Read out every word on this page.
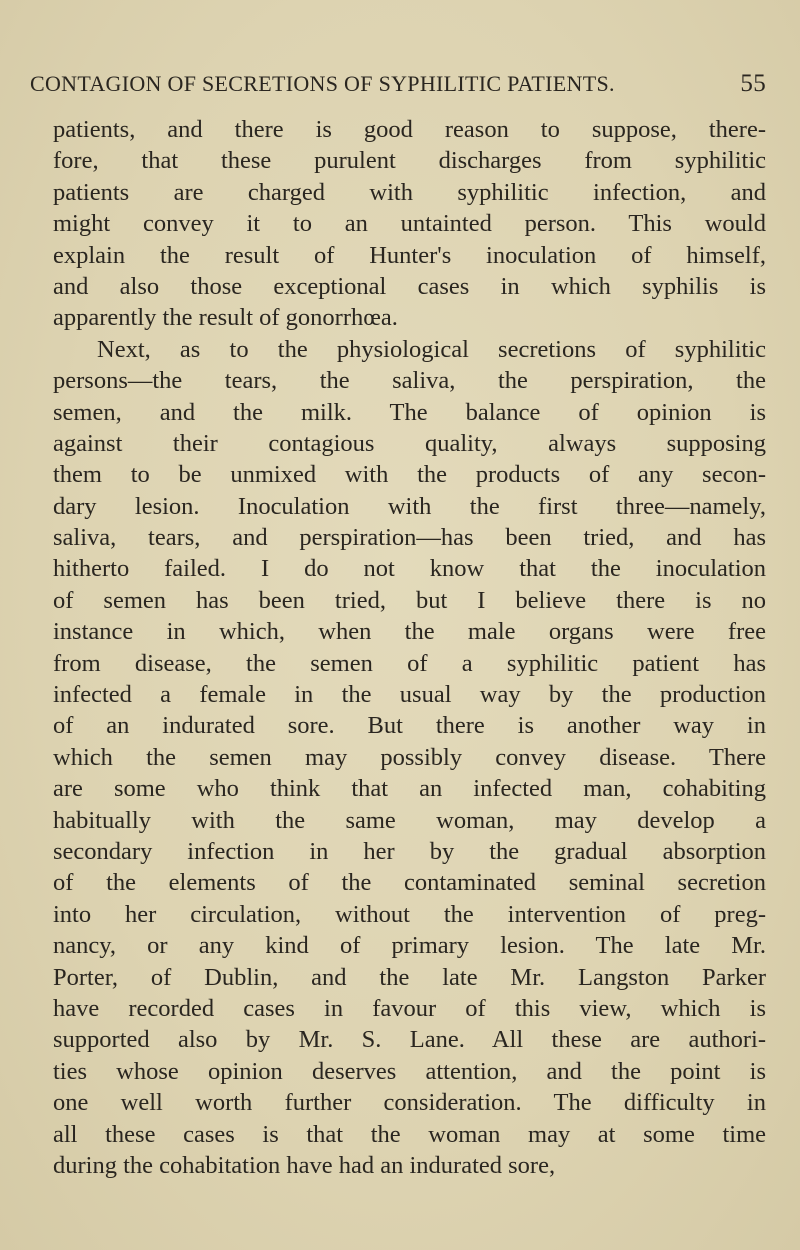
CONTAGION OF SECRETIONS OF SYPHILITIC PATIENTS.	55
patients, and there is good reason to suppose, there-
fore, that these purulent discharges from syphilitic
patients are charged with syphilitic infection, and
might convey it to an untainted person. This would
explain the result of Hunter's inoculation of himself,
and also those exceptional cases in which syphilis is
apparently the result of gonorrhœa.
Next, as to the physiological secretions of syphilitic
persons—the tears, the saliva, the perspiration, the
semen, and the milk. The balance of opinion is
against their contagious quality, always supposing
them to be unmixed with the products of any secon-
dary lesion. Inoculation with the first three—namely,
saliva, tears, and perspiration—has been tried, and has
hitherto failed. I do not know that the inoculation
of semen has been tried, but I believe there is no
instance in which, when the male organs were free
from disease, the semen of a syphilitic patient has
infected a female in the usual way by the production
of an indurated sore. But there is another way in
which the semen may possibly convey disease. There
are some who think that an infected man, cohabiting
habitually with the same woman, may develop a
secondary infection in her by the gradual absorption
of the elements of the contaminated seminal secretion
into her circulation, without the intervention of preg-
nancy, or any kind of primary lesion. The late Mr.
Porter, of Dublin, and the late Mr. Langston Parker
have recorded cases in favour of this view, which is
supported also by Mr. S. Lane. All these are authori-
ties whose opinion deserves attention, and the point is
one well worth further consideration. The difficulty in
all these cases is that the woman may at some time
during the cohabitation have had an indurated sore,
